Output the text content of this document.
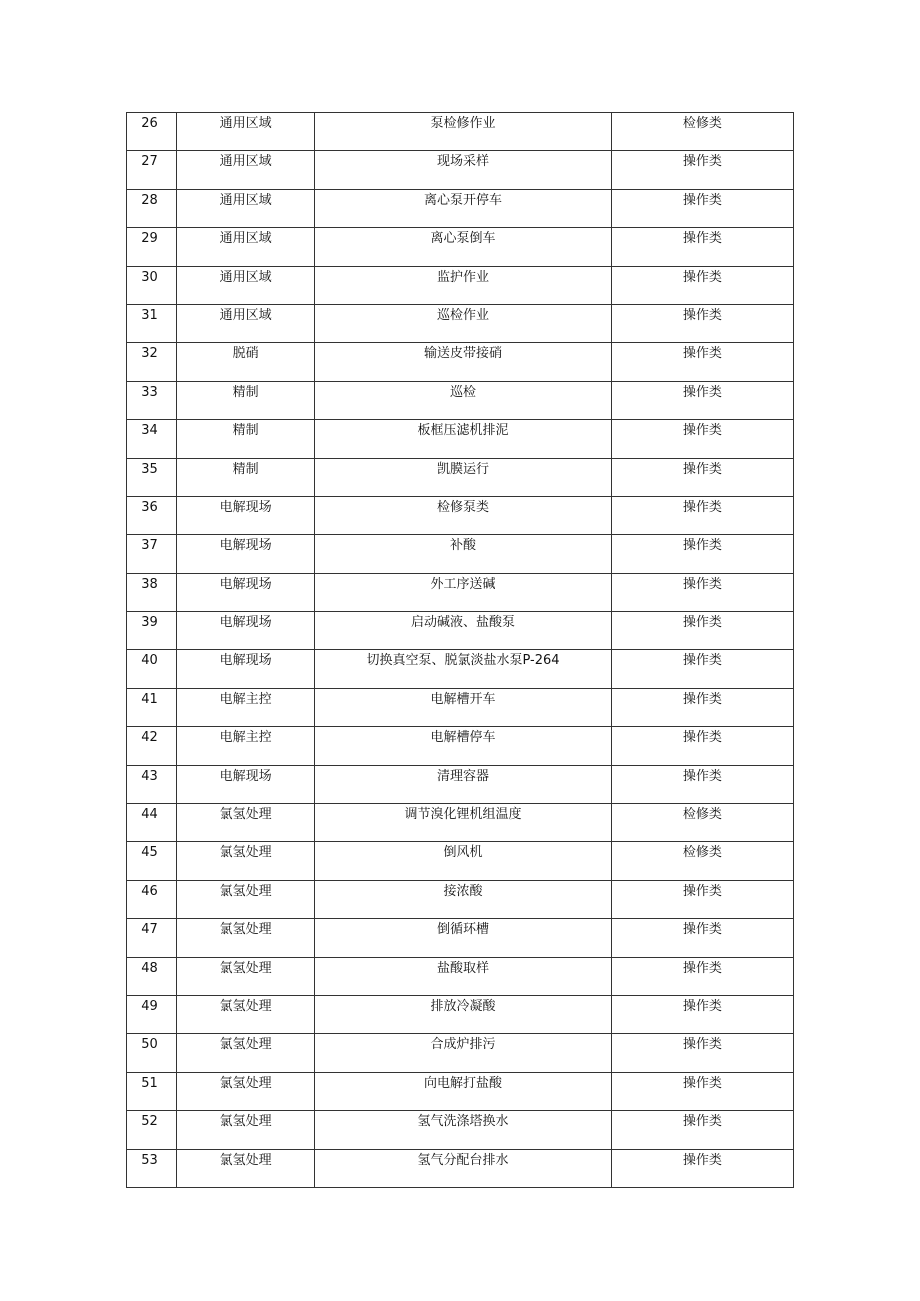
26	通用区域	泵检修作业	检修类

27	通用区域	现场采样	操作类

28	通用区域	离心泵开停车	操作类

29	通用区域	离心泵倒车	操作类

30	通用区域	监护作业	操作类

31	通用区域	巡检作业	操作类

32	脱硝	输送皮带接硝	操作类

33	精制	巡检	操作类

34	精制	板框压滤机排泥	操作类

35	精制	凯膜运行	操作类

36	电解现场	检修泵类	操作类

37	电解现场	补酸	操作类

38	电解现场	外工序送碱	操作类

39	电解现场	启动碱液、盐酸泵	操作类

40	电解现场	切换真空泵、脱氯淡盐水泵P-264	操作类

41	电解主控	电解槽开车	操作类

42	电解主控	电解槽停车	操作类

43	电解现场	清理容器	操作类

44	氯氢处理	调节溴化锂机组温度	检修类

45	氯氢处理	倒风机	检修类

46	氯氢处理	接浓酸	操作类

47	氯氢处理	倒循环槽	操作类

48	氯氢处理	盐酸取样	操作类

49	氯氢处理	排放冷凝酸	操作类

50	氯氢处理	合成炉排污	操作类

51	氯氢处理	向电解打盐酸	操作类

52	氯氢处理	氢气洗涤塔换水	操作类

53	氯氢处理	氢气分配台排水	操作类
